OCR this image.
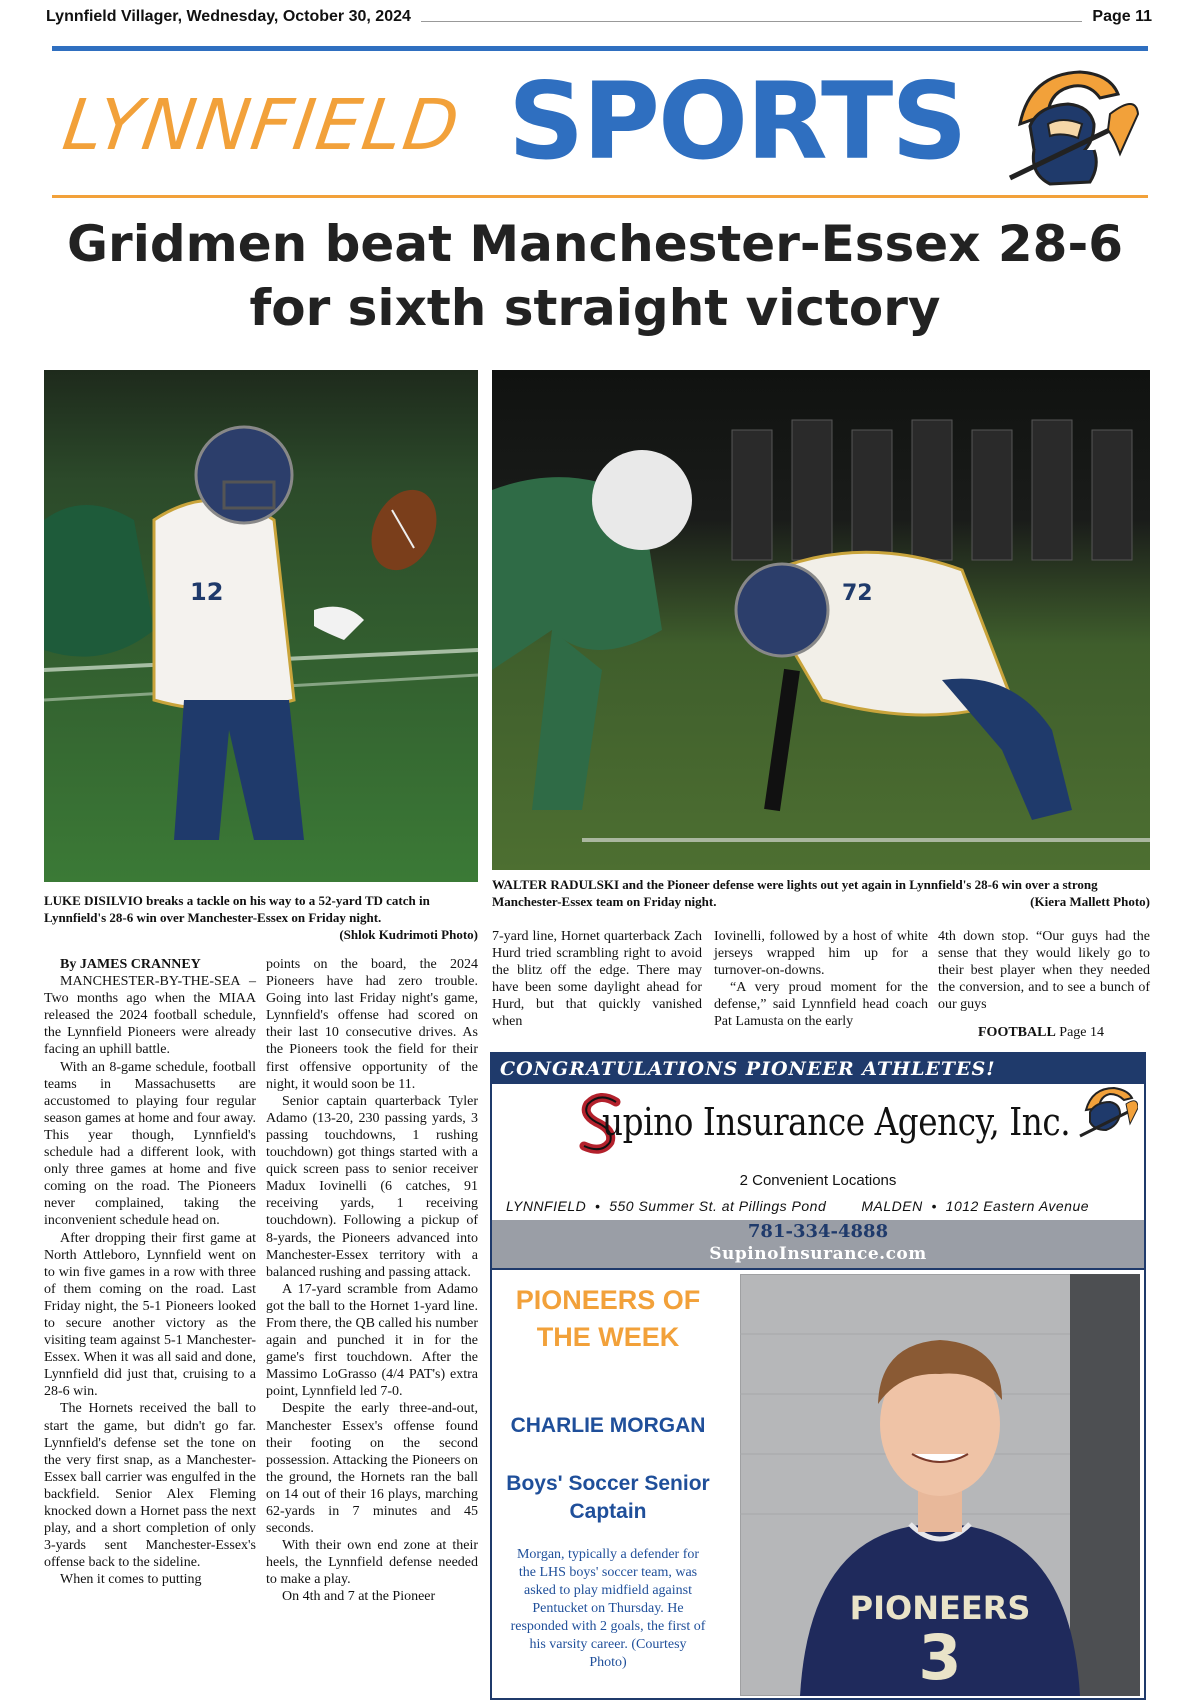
Lynnfield Villager, Wednesday, October 30, 2024	Page 11
LYNNFIELD SPORTS
Gridmen beat Manchester-Essex 28-6
for sixth straight victory
12	72
LUKE DISILVIO breaks a tackle on his way to a 52-yard TD catch in Lynnfield's 28-6 win over Manchester-Essex on Friday night.
(Shlok Kudrimoti Photo)
WALTER RADULSKI and the Pioneer defense were lights out yet again in Lynnfield's 28-6 win over a strong Manchester-Essex team on Friday night.	(Kiera Mallett Photo)

By JAMES CRANNEY

MANCHESTER-BY-THE-SEA – Two months ago when the MIAA released the 2024 football schedule, the Lynnfield Pioneers were already facing an uphill battle.

With an 8-game schedule, football teams in Massachusetts are accustomed to playing four regular season games at home and four away. This year though, Lynnfield's schedule had a different look, with only three games at home and five coming on the road. The Pioneers never complained, taking the inconvenient schedule head on.

After dropping their first game at North Attleboro, Lynnfield went on to win five games in a row with three of them coming on the road. Last Friday night, the 5-1 Pioneers looked to secure another victory as the visiting team against 5-1 Manchester-Essex. When it was all said and done, Lynnfield did just that, cruising to a 28-6 win.

The Hornets received the ball to start the game, but didn't go far. Lynnfield's defense set the tone on the very first snap, as a Manchester-Essex ball carrier was engulfed in the backfield. Senior Alex Fleming knocked down a Hornet pass the next play, and a short completion of only 3-yards sent Manchester-Essex's offense back to the sideline.

When it comes to putting

points on the board, the 2024 Pioneers have had zero trouble. Going into last Friday night's game, Lynnfield's offense had scored on their last 10 consecutive drives. As the Pioneers took the field for their first offensive opportunity of the night, it would soon be 11.

Senior captain quarterback Tyler Adamo (13-20, 230 passing yards, 3 passing touchdowns, 1 rushing touchdown) got things started with a quick screen pass to senior receiver Madux Iovinelli (6 catches, 91 receiving yards, 1 receiving touchdown). Following a pickup of 8-yards, the Pioneers advanced into Manchester-Essex territory with a balanced rushing and passing attack.

A 17-yard scramble from Adamo got the ball to the Hornet 1-yard line. From there, the QB called his number again and punched it in for the game's first touchdown. After the Massimo LoGrasso (4/4 PAT's) extra point, Lynnfield led 7-0.

Despite the early three-and-out, Manchester Essex's offense found their footing on the second possession. Attacking the Pioneers on the ground, the Hornets ran the ball on 14 out of their 16 plays, marching 62-yards in 7 minutes and 45 seconds.

With their own end zone at their heels, the Lynnfield defense needed to make a play.

On 4th and 7 at the Pioneer

7-yard line, Hornet quarterback Zach Hurd tried scrambling right to avoid the blitz off the edge. There may have been some daylight ahead for Hurd, but that quickly vanished when

Iovinelli, followed by a host of white jerseys wrapped him up for a turnover-on-downs.

“A very proud moment for the defense,” said Lynnfield head coach Pat Lamusta on the early

4th down stop. “Our guys had the sense that they would likely go to their best player when they needed the conversion, and to see a bunch of our guys

FOOTBALL Page 14
CONGRATULATIONS PIONEER ATHLETES!
upino Insurance Agency, Inc.
2 Convenient Locations
LYNNFIELD  •  550 Summer St. at Pillings Pond        MALDEN  •  1012 Eastern Avenue
781-334-4888
SupinoInsurance.com
PIONEERS OF THE WEEK
CHARLIE MORGAN
Boys' Soccer Senior Captain
Morgan, typically a defender for the LHS boys' soccer team, was asked to play midfield against Pentucket on Thursday. He responded with 2 goals, the first of his varsity career. (Courtesy Photo)
PIONEERS
3
